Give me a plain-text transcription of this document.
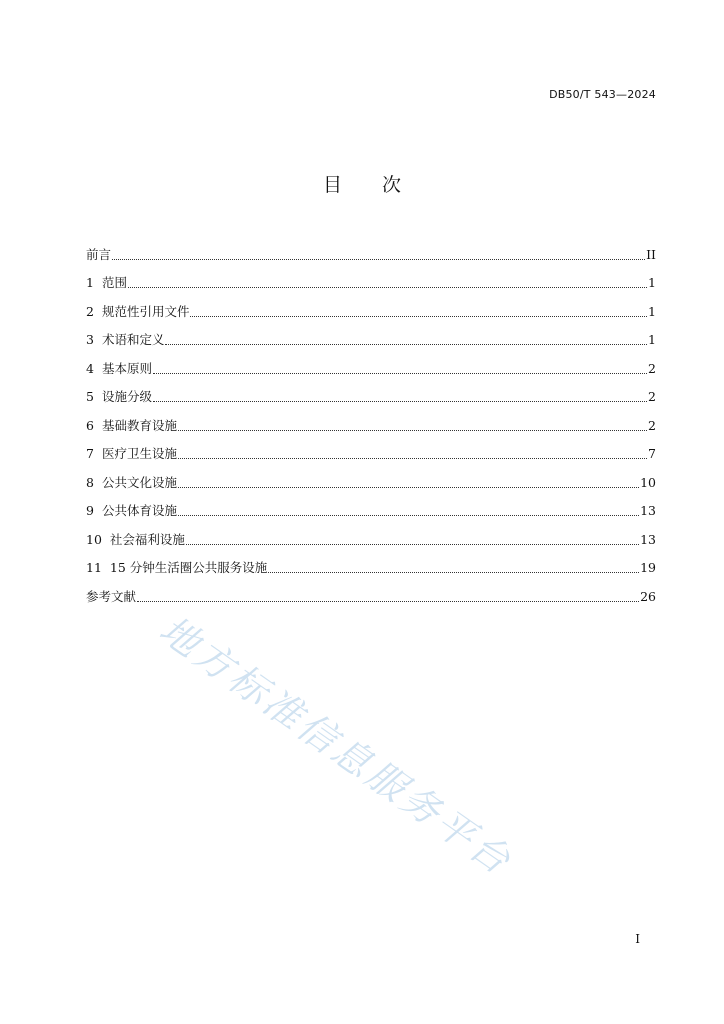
DB50/T 543—2024
目次
前言	II
1 范围	1
2 规范性引用文件	1
3 术语和定义	1
4 基本原则	2
5 设施分级	2
6 基础教育设施	2
7 医疗卫生设施	7
8 公共文化设施	10
9 公共体育设施	13
10 社会福利设施	13
11 15 分钟生活圈公共服务设施	19
参考文献	26
地方标准信息服务平台
I
